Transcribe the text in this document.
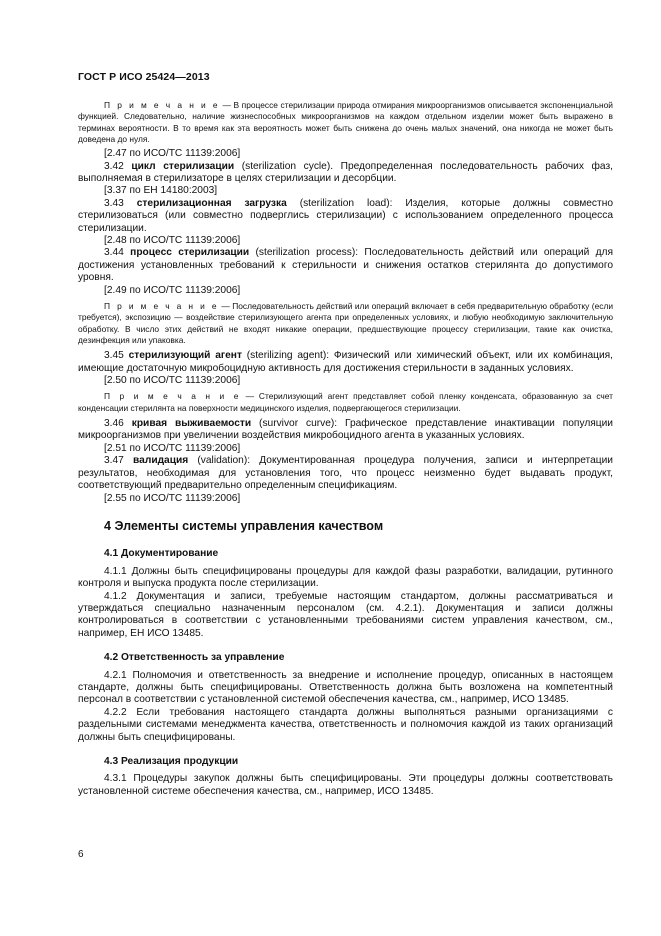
ГОСТ Р ИСО 25424—2013

П р и м е ч а н и е — В процессе стерилизации природа отмирания микроорганизмов описывается экспоненциальной функцией. Следовательно, наличие жизнеспособных микроорганизмов на каждом отдельном изделии может быть выражено в терминах вероятности. В то время как эта вероятность может быть снижена до очень малых значений, она никогда не может быть доведена до нуля.

[2.47 по ИСО/ТС 11139:2006]

3.42 цикл стерилизации (sterilization cycle). Предопределенная последовательность рабочих фаз, выполняемая в стерилизаторе в целях стерилизации и десорбции.

[3.37 по ЕН 14180:2003]

3.43 стерилизационная загрузка (sterilization load): Изделия, которые должны совместно стерилизоваться (или совместно подверглись стерилизации) с использованием определенного процесса стерилизации.

[2.48 по ИСО/ТС 11139:2006]

3.44 процесс стерилизации (sterilization process): Последовательность действий или операций для достижения установленных требований к стерильности и снижения остатков стерилянта до допустимого уровня.

[2.49 по ИСО/ТС 11139:2006]

П р и м е ч а н и е — Последовательность действий или операций включает в себя предварительную обработку (если требуется), экспозицию — воздействие стерилизующего агента при определенных условиях, и любую необходимую заключительную обработку. В число этих действий не входят никакие операции, предшествующие процессу стерилизации, такие как очистка, дезинфекция или упаковка.

3.45 стерилизующий агент (sterilizing agent): Физический или химический объект, или их комбинация, имеющие достаточную микробоцидную активность для достижения стерильности в заданных условиях.

[2.50 по ИСО/ТС 11139:2006]

П р и м е ч а н и е — Стерилизующий агент представляет собой пленку конденсата, образованную за счет конденсации стерилянта на поверхности медицинского изделия, подвергающегося стерилизации.

3.46 кривая выживаемости (survivor curve): Графическое представление инактивации популяции микроорганизмов при увеличении воздействия микробоцидного агента в указанных условиях.

[2.51 по ИСО/ТС 11139:2006]

3.47 валидация (validation): Документированная процедура получения, записи и интерпретации результатов, необходимая для установления того, что процесс неизменно будет выдавать продукт, соответствующий предварительно определенным спецификациям.

[2.55 по ИСО/ТС 11139:2006]

4 Элементы системы управления качеством
4.1 Документирование

4.1.1 Должны быть специфицированы процедуры для каждой фазы разработки, валидации, рутинного контроля и выпуска продукта после стерилизации.

4.1.2 Документация и записи, требуемые настоящим стандартом, должны рассматриваться и утверждаться специально назначенным персоналом (см. 4.2.1). Документация и записи должны контролироваться в соответствии с установленными требованиями систем управления качеством, см., например, ЕН ИСО 13485.

4.2 Ответственность за управление

4.2.1 Полномочия и ответственность за внедрение и исполнение процедур, описанных в настоящем стандарте, должны быть специфицированы. Ответственность должна быть возложена на компетентный персонал в соответствии с установленной системой обеспечения качества, см., например, ИСО 13485.

4.2.2 Если требования настоящего стандарта должны выполняться разными организациями с раздельными системами менеджмента качества, ответственность и полномочия каждой из таких организаций должны быть специфицированы.

4.3 Реализация продукции

4.3.1 Процедуры закупок должны быть специфицированы. Эти процедуры должны соответствовать установленной системе обеспечения качества, см., например, ИСО 13485.

6
